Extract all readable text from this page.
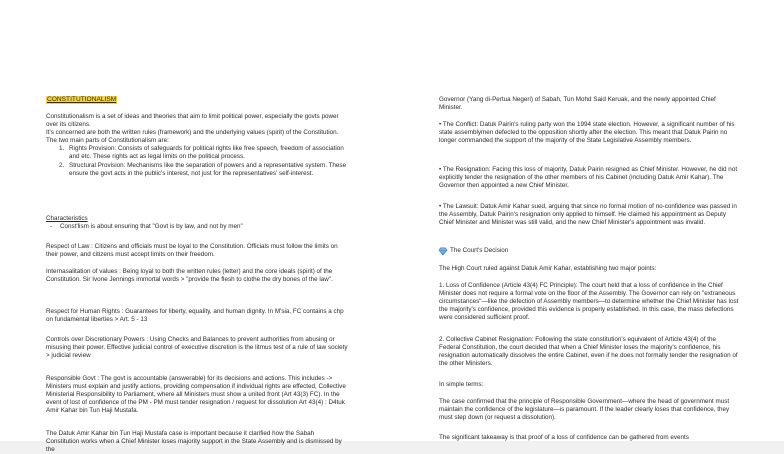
CONSTITUTIONALISM

Constitutionalism is a set of ideas and theories that aim to limit political power, especially the govts power over its citizens.

It's concerned are both the written rules (framework) and the underlying values (spirit) of the Constitution.

The two main parts of Constitutionalism are:

1. Rights Provision: Consists of safeguards for political rights like free speech, freedom of association and etc. These rights act as legal limits on the political process.
2. Structural Provision: Mechanisms like the separation of powers and a representative system. These ensure the govt acts in the public's interest, not just for the representatives' self-interest.

Characteristics

- Const'lism is about ensuring that "Govt is by law, and not by men"

Respect of Law : Citizens and officials must be loyal to the Constitution. Officials must follow the limits on their power, and citizens must accept limits on their freedom.

Internasalitation of values : Being loyal to both the written rules (letter) and the core ideals (spirit) of the Constitution. Sir Ivone Jennings immortal words > "provide the flesh to clothe the dry bones of the law".

Respect for Human Rights : Guarantees for liberty, equality, and human dignity. In M'sia, FC contains a chp on fundamental liberties > Art. 5 - 13

Controls over Discretionary Powers : Using Checks and Balances to prevent authorities from abusing or misusing their power. Effective judicial control of executive discretion is the litmus test of a rule of law society > judicial review

Responsible Govt : The govt is accountable (answerable) for its decisions and actions. This includes -> Ministers must explain and justify actions, providing compensation if individual rights are effected, Collective Ministerial Responsibility to Parliament, where all Ministers must show a united front (Art 43(3) FC). In the event of lost of confidence of the PM - PM must tender resignation / request for dissolution Art 43(4) : D4tuk Amir Kahar bin Tun Haji Mustafa.

The Datuk Amir Kahar bin Tun Haji Mustafa case is important because it clarified how the Sabah Constitution works when a Chief Minister loses majority support in the State Assembly and is dismissed by the

Governor (Yang di-Pertua Negeri) of Sabah, Tun Mohd Said Keruak, and the newly appointed Chief Minister.

• The Conflict: Datuk Pairin's ruling party won the 1994 state election. However, a significant number of his state assemblymen defected to the opposition shortly after the election. This meant that Datuk Pairin no longer commanded the support of the majority of the State Legislative Assembly members.

• The Resignation: Facing this loss of majority, Datuk Pairin resigned as Chief Minister. However, he did not explicitly tender the resignation of the other members of his Cabinet (including Datuk Amir Kahar). The Governor then appointed a new Chief Minister.

• The Lawsuit: Datuk Amir Kahar sued, arguing that since no formal motion of no-confidence was passed in the Assembly, Datuk Pairin's resignation only applied to himself. He claimed his appointment as Deputy Chief Minister and Minister was still valid, and the new Chief Minister's appointment was invalid.

The Court's Decision

The High Court ruled against Datuk Amir Kahar, establishing two major points:

1. Loss of Confidence (Article 43(4) FC Principle): The court held that a loss of confidence in the Chief Minister does not require a formal vote on the floor of the Assembly. The Governor can rely on "extraneous circumstances"—like the defection of Assembly members—to determine whether the Chief Minister has lost the majority's confidence, provided this evidence is properly established. In this case, the mass defections were considered sufficient proof.

2. Collective Cabinet Resignation: Following the state constitution's equivalent of Article 43(4) of the Federal Constitution, the court decided that when a Chief Minister loses the majority's confidence, his resignation automatically dissolves the entire Cabinet, even if he does not formally tender the resignation of the other Ministers.

In simple terms:

The case confirmed that the principle of Responsible Government—where the head of government must maintain the confidence of the legislature—is paramount. If the leader clearly loses that confidence, they must step down (or request a dissolution).

The significant takeaway is that proof of a loss of confidence can be gathered from events
